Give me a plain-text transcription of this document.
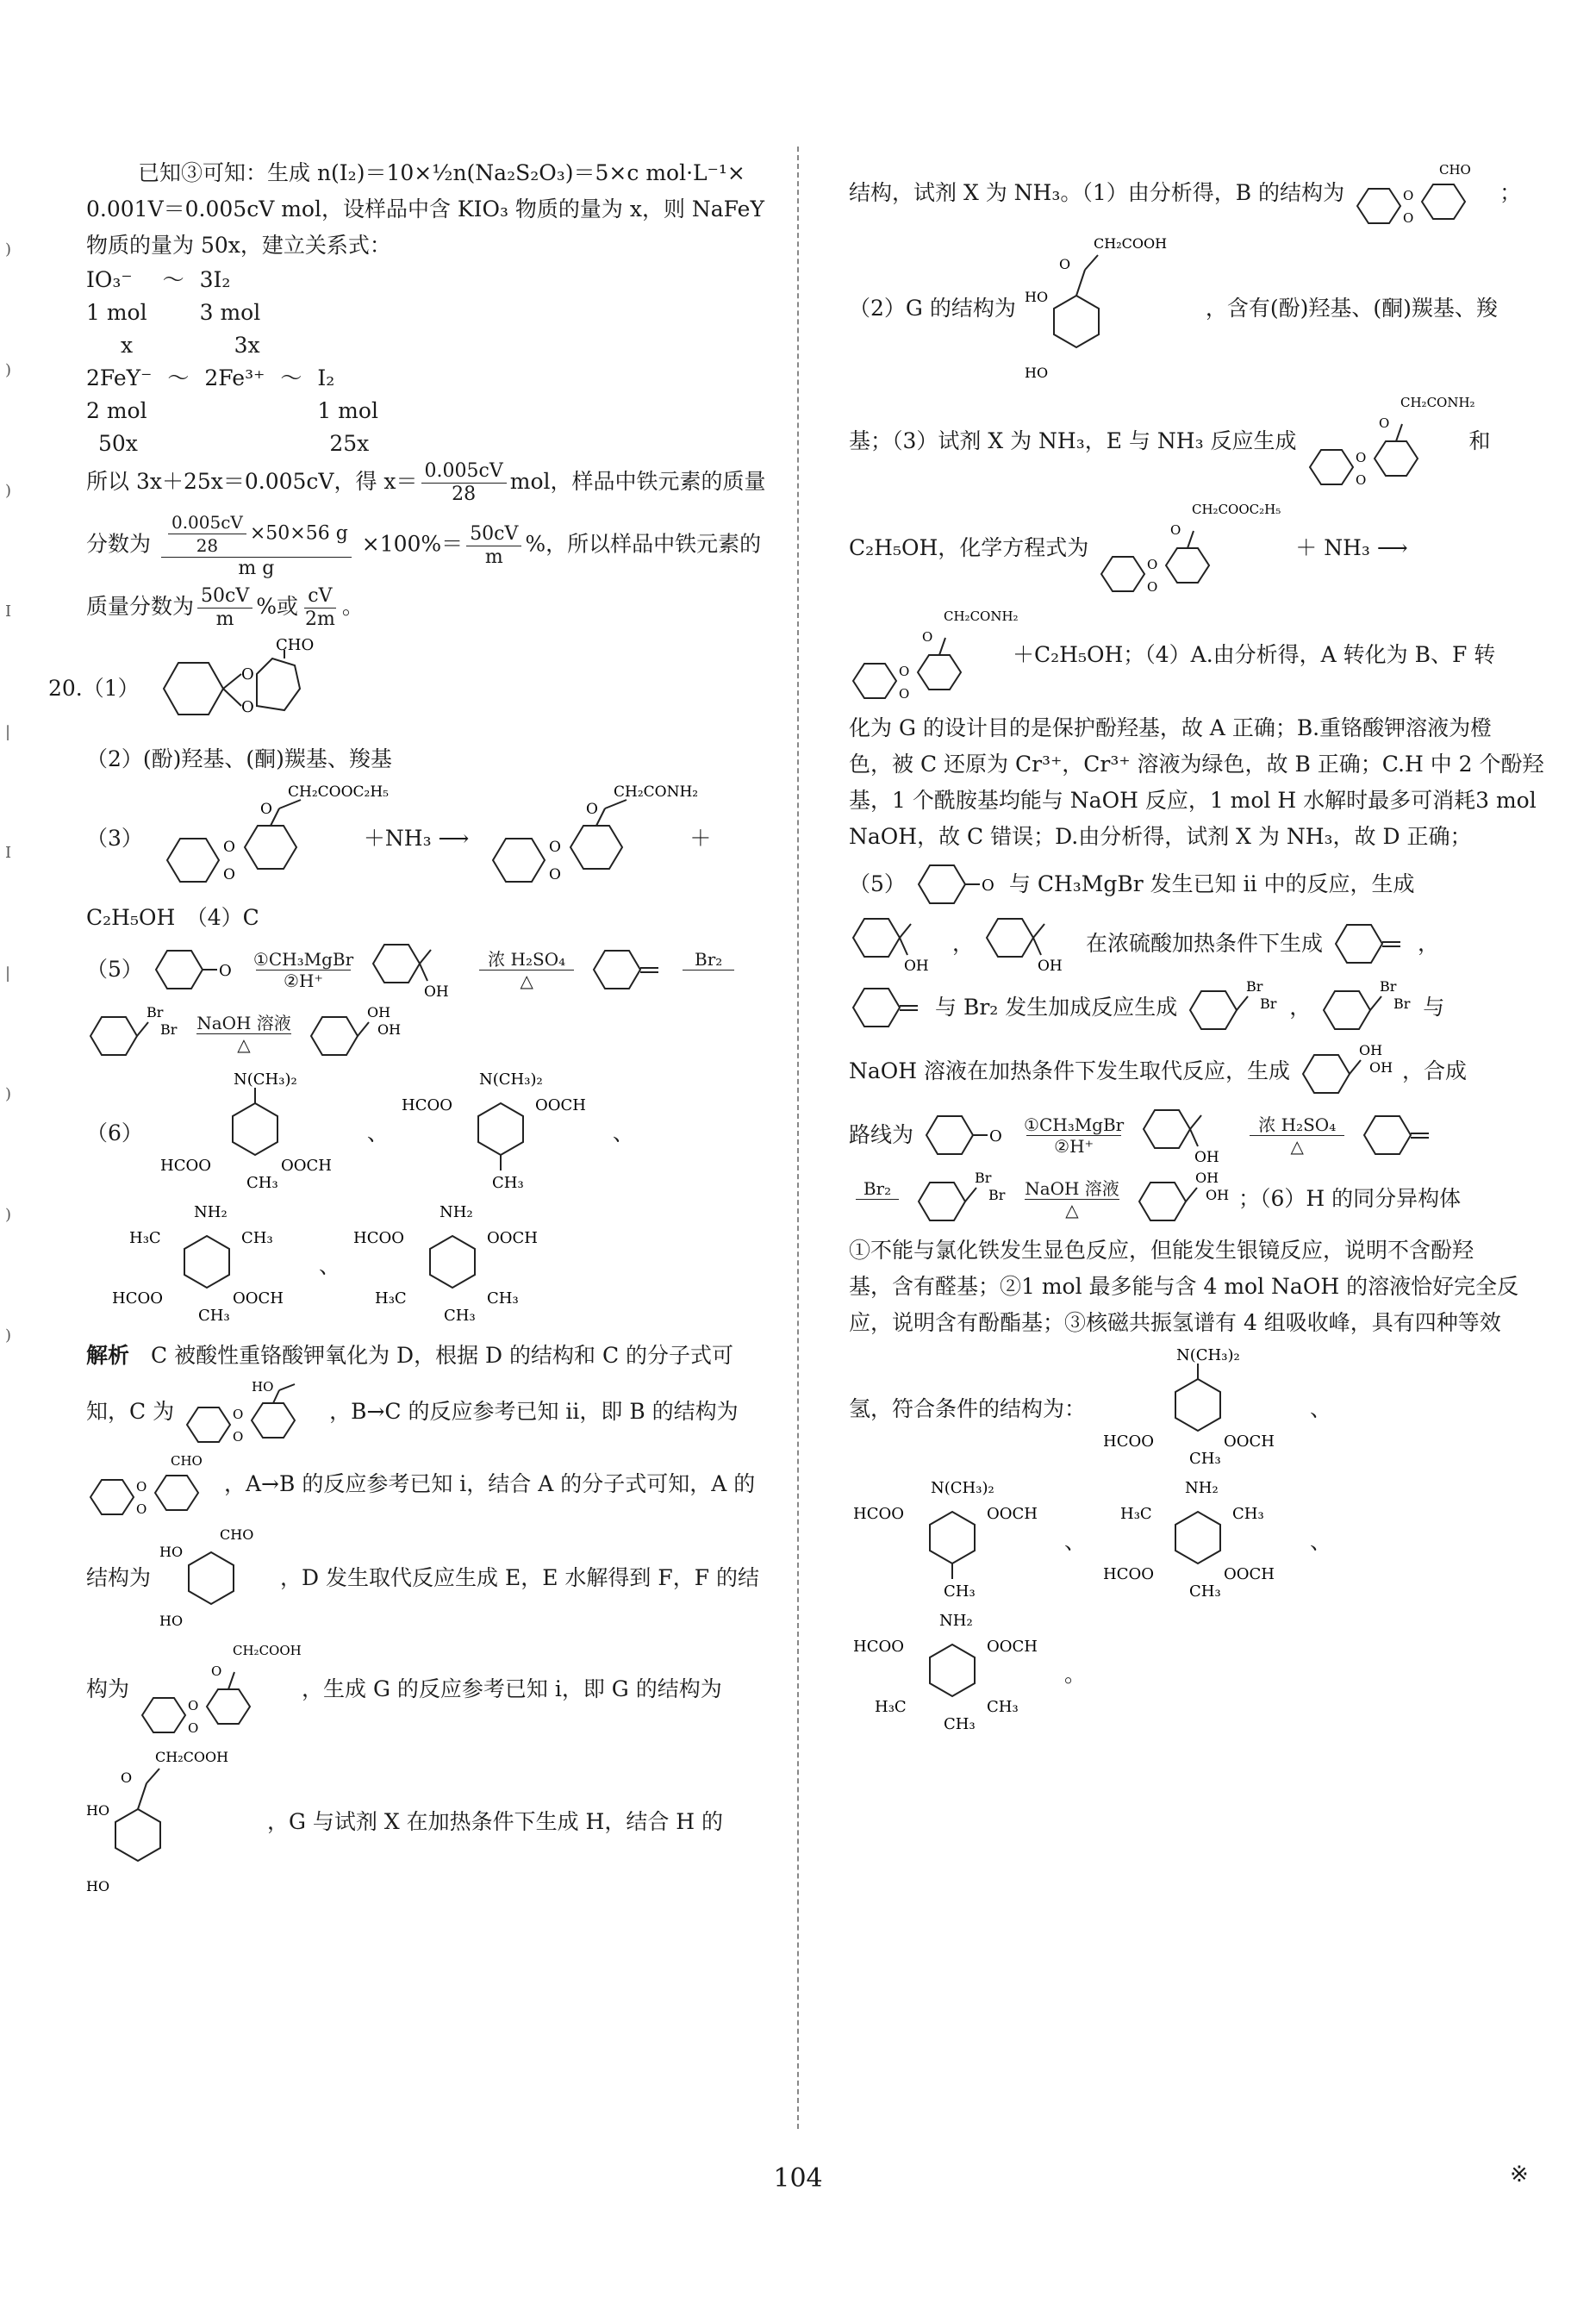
)
)
)
I
|
I
|
)
)
)
已知③可知：生成 n(I₂)＝10×½n(Na₂S₂O₃)＝5×c mol·L⁻¹×
0.001V＝0.005cV mol，设样品中含 KIO₃ 物质的量为 x，则 NaFeY
物质的量为 50x，建立关系式：
IO₃⁻	～	3I₂
1 mol		3 mol
x		3x
2FeY⁻	～	2Fe³⁺	～	I₂
2 mol				1 mol
50x				25x
所以 3x＋25x＝0.005cV，得 $x= \frac{0.005cV}{28}$ mol，样品中铁元素的质量
分数为 $\frac{\frac{0.005cV}{28} \times 50\times 56 g}{\text{m g}} \times 100\%= \frac{50cV}{m}$ %，所以样品中铁元素的
质量分数为 $\frac{50cV}{m}$ %或 $\frac{cV}{2m}$ 。
20.（1）
O
O
CHO
（2）(酚)羟基、(酮)羰基、羧基
（3）	O
O
O
CH₂COOC₂H₅
＋NH₃ ⟶	O
O
O
CH₂CONH₂
＋
C₂H₅OH　（4）C
（5）	O
①CH₃MgBr
②H⁺
OH
浓 H₂SO₄
△
Br₂

Br
Br NaOH 溶液
△
OH
OH
（6）
N(CH₃)₂
HCOO	OOCH
CH₃
、
N(CH₃)₂
HCOO	OOCH
CH₃
、
NH₂
H₃C	CH₃
HCOO	OOCH
CH₃
、
NH₂
HCOO	OOCH
H₃C	CH₃
CH₃
解析　 C 被酸性重铬酸钾氧化为 D，根据 D 的结构和 C 的分子式可
知，C 为	O
O
HO
，B→C 的反应参考已知 ii，即 B 的结构为
O
O
CHO
，A→B 的反应参考已知 i，结合 A 的分子式可知，A 的
结构为
CHO
HO
HO
，D 发生取代反应生成 E，E 水解得到 F，F 的结
构为
O
O
O
CH₂COOH
，生成 G 的反应参考已知 i，即 G 的结构为
CH₂COOH
O
HO
HO
，G 与试剂 X 在加热条件下生成 H，结合 H 的
结构，试剂 X 为 NH₃。（1）由分析得，B 的结构为	O
O
CHO
；
（2）G 的结构为
CH₂COOH
O
HO
HO
，含有(酚)羟基、(酮)羰基、羧
基；（3）试剂 X 为 NH₃，E 与 NH₃ 反应生成
O
O
O
CH₂CONH₂
和
C₂H₅OH，化学方程式为
O
O
O
CH₂COOC₂H₅
＋ NH₃ ⟶
O
O
O
CH₂CONH₂
＋C₂H₅OH；（4）A.由分析得，A 转化为 B、F 转
化为 G 的设计目的是保护酚羟基，故 A 正确；B.重铬酸钾溶液为橙
色，被 C 还原为 Cr³⁺，Cr³⁺ 溶液为绿色，故 B 正确；C.H 中 2 个酚羟
基，1 个酰胺基均能与 NaOH 反应，1 mol H 水解时最多可消耗3 mol
NaOH，故 C 错误；D.由分析得，试剂 X 为 NH₃，故 D 正确；
（5）	O 与 CH₃MgBr 发生已知 ii 中的反应，生成
OH
，
OH
在浓硫酸加热条件下生成	，
与 Br₂ 发生加成反应生成
Br
Br ，
Br
Br 与
NaOH 溶液在加热条件下发生取代反应，生成
OH
OH ，合成
路线为	O
①CH₃MgBr
②H⁺
OH
浓 H₂SO₄
△
Br₂
	Br
Br NaOH 溶液
△
OH
OH ；（6）H 的同分异构体
①不能与氯化铁发生显色反应，但能发生银镜反应，说明不含酚羟
基，含有醛基；②1 mol 最多能与含 4 mol NaOH 的溶液恰好完全反
应，说明含有酚酯基；③核磁共振氢谱有 4 组吸收峰，具有四种等效
氢，符合条件的结构为：
N(CH₃)₂
HCOO	OOCH
CH₃
、
N(CH₃)₂
HCOO	OOCH
CH₃
、
NH₂
H₃C	CH₃
HCOO	OOCH
CH₃
、
NH₂
HCOO	OOCH
H₃C	CH₃
CH₃
。
104	※
